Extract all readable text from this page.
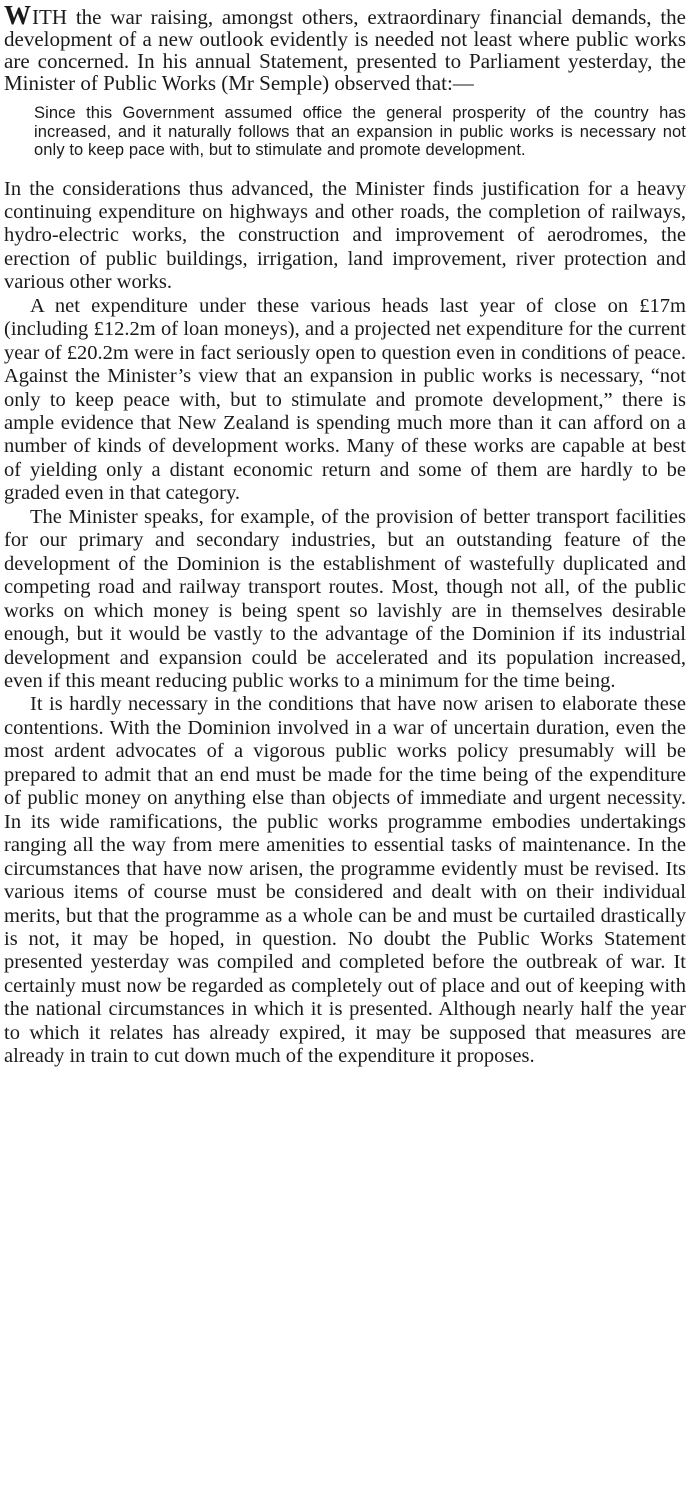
WITH the war raising, amongst others, extraordinary financial demands, the development of a new outlook evidently is needed not least where public works are concerned. In his annual Statement, presented to Parliament yesterday, the Minister of Public Works (Mr Semple) observed that:—

Since this Government assumed office the general prosperity of the country has increased, and it naturally follows that an expansion in public works is necessary not only to keep pace with, but to stimulate and promote development.

In the considerations thus advanced, the Minister finds justification for a heavy continuing expenditure on highways and other roads, the completion of railways, hydro-electric works, the construction and improvement of aerodromes, the erection of public buildings, irrigation, land improvement, river protection and various other works.

A net expenditure under these various heads last year of close on £17m (including £12.2m of loan moneys), and a projected net expenditure for the current year of £20.2m were in fact seriously open to question even in conditions of peace. Against the Minister’s view that an expansion in public works is necessary, “not only to keep peace with, but to stimulate and promote development,” there is ample evidence that New Zealand is spending much more than it can afford on a number of kinds of development works. Many of these works are capable at best of yielding only a distant economic return and some of them are hardly to be graded even in that category.

The Minister speaks, for example, of the provision of better transport facilities for our primary and secondary industries, but an outstanding feature of the development of the Dominion is the establishment of wastefully duplicated and competing road and railway transport routes. Most, though not all, of the public works on which money is being spent so lavishly are in themselves desirable enough, but it would be vastly to the advantage of the Dominion if its industrial development and expansion could be accelerated and its population increased, even if this meant reducing public works to a minimum for the time being.

It is hardly necessary in the conditions that have now arisen to elaborate these contentions. With the Dominion involved in a war of uncertain duration, even the most ardent advocates of a vigorous public works policy presumably will be prepared to admit that an end must be made for the time being of the expenditure of public money on anything else than objects of immediate and urgent necessity. In its wide ramifications, the public works programme embodies undertakings ranging all the way from mere amenities to essential tasks of maintenance. In the circumstances that have now arisen, the programme evidently must be revised. Its various items of course must be considered and dealt with on their individual merits, but that the programme as a whole can be and must be curtailed drastically is not, it may be hoped, in question. No doubt the Public Works Statement presented yesterday was compiled and completed before the outbreak of war. It certainly must now be regarded as completely out of place and out of keeping with the national circumstances in which it is presented. Although nearly half the year to which it relates has already expired, it may be supposed that measures are already in train to cut down much of the expenditure it proposes.
